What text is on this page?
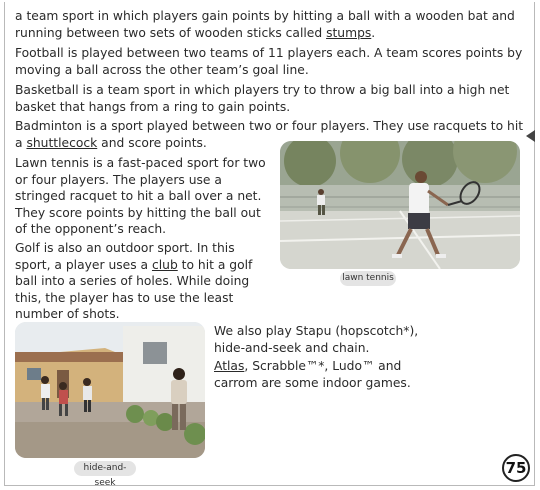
a team sport in which players gain points by hitting a ball with a wooden bat and running between two sets of wooden sticks called stumps.

Football is played between two teams of 11 players each. A team scores points by moving a ball across the other team’s goal line.

Basketball is a team sport in which players try to throw a big ball into a high net basket that hangs from a ring to gain points.

Badminton is a sport played between two or four players. They use racquets to hit a shuttlecock and score points.

Lawn tennis is a fast-paced sport for two or four players. The players use a stringed racquet to hit a ball over a net. They score points by hitting the ball out of the opponent’s reach.

Golf is also an outdoor sport. In this sport, a player uses a club to hit a golf ball into a series of holes. While doing this, the player has to use the least number of shots.

We also play Stapu (hopscotch*), hide-and-seek and chain.

Atlas, Scrabble™*, Ludo™ and carrom are some indoor games.

lawn tennis
hide-and-seek
75
